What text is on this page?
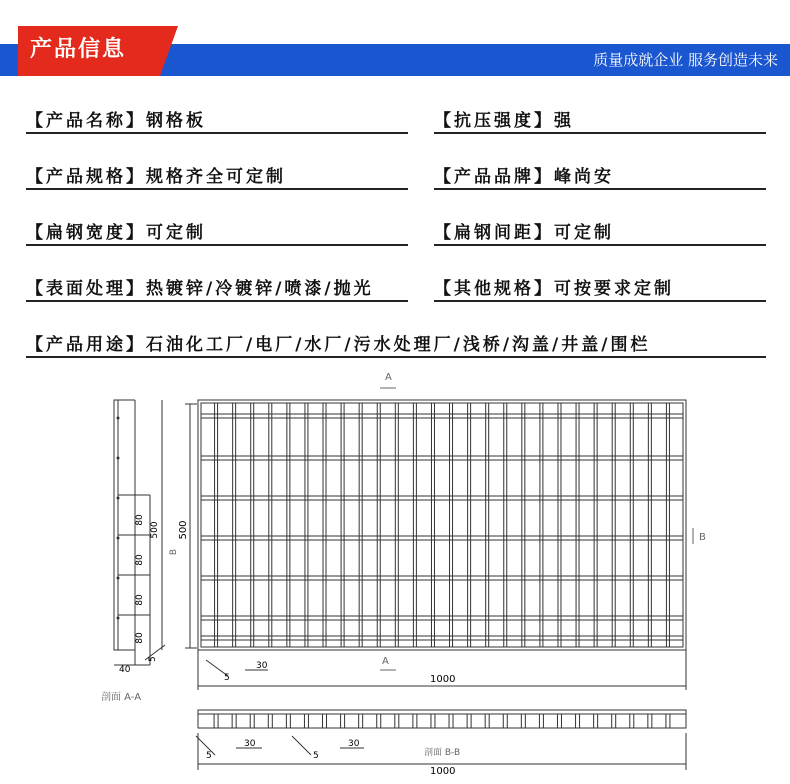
产品信息	质量成就企业 服务创造未来
【产品名称】钢格板	【抗压强度】强
【产品规格】规格齐全可定制	【产品品牌】峰尚安
【扁钢宽度】可定制	【扁钢间距】可定制
【表面处理】热镀锌/冷镀锌/喷漆/抛光	【其他规格】可按要求定制
【产品用途】石油化工厂/电厂/水厂/污水处理厂/浅桥/沟盖/井盖/围栏
80
80
80
80
500
40
5
剖面 A-A
500
B
A
A
B
1000
30
5
30	30
5	5	剖面 B-B
1000
